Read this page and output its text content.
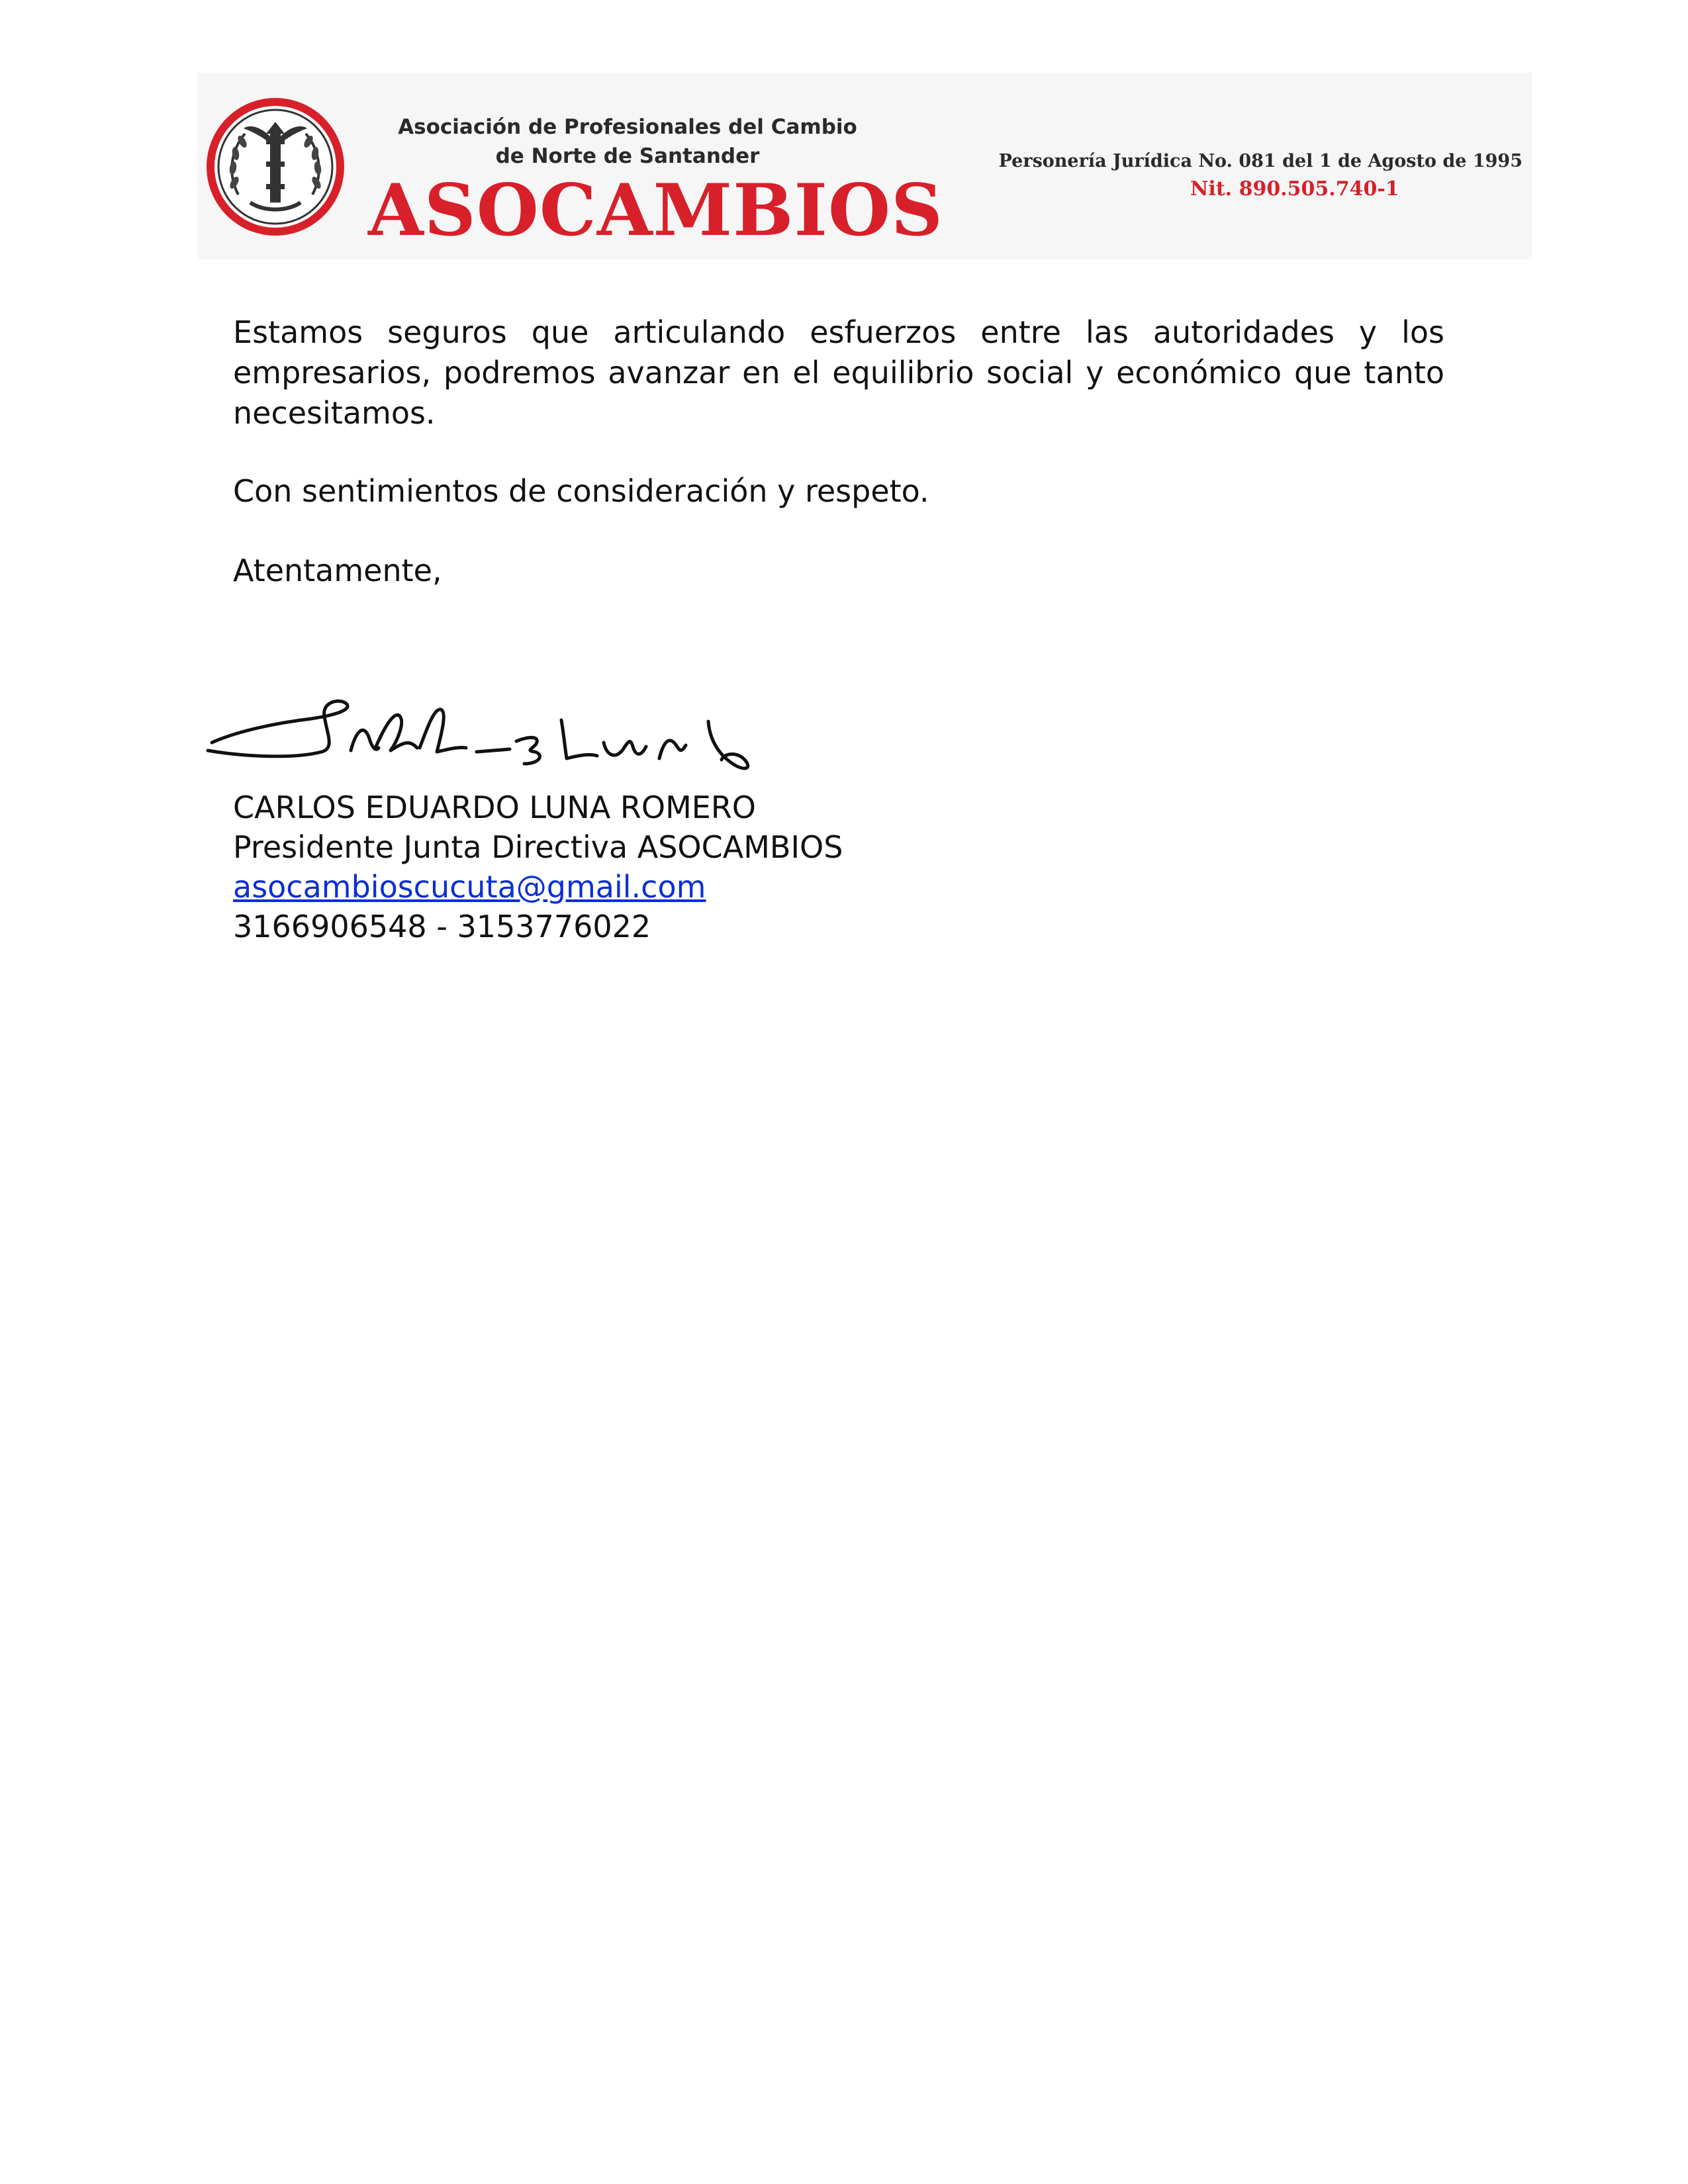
Asociación de Profesionales del Cambio
de Norte de Santander
ASOCAMBIOS
Personería Jurídica No. 081 del 1 de Agosto de 1995
Nit. 890.505.740-1

Estamos seguros que articulando esfuerzos entre las autoridades y los empresarios, podremos avanzar en el equilibrio social y económico que tanto necesitamos.

Con sentimientos de consideración y respeto.

Atentamente,

CARLOS EDUARDO LUNA ROMERO
Presidente Junta Directiva ASOCAMBIOS
asocambioscucuta@gmail.com
3166906548 - 3153776022
